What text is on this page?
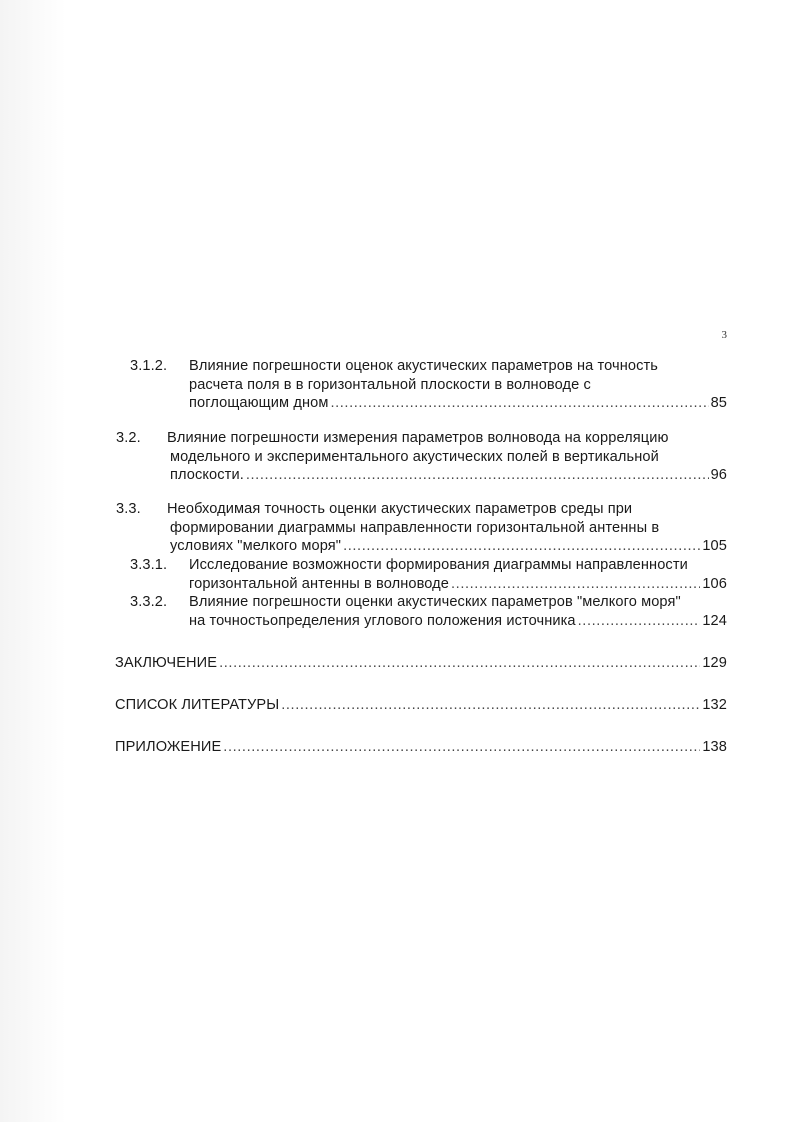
3
3.1.2. Влияние погрешности оценок акустических параметров на точность
расчета поля в в горизонтальной плоскости в волноводе с
поглощающим дном .....	85
3.2. Влияние погрешности измерения параметров волновода на корреляцию
модельного и экспериментального акустических полей в вертикальной
плоскости. .....	96
3.3. Необходимая точность оценки акустических параметров среды при
формировании диаграммы направленности горизонтальной антенны в
условиях "мелкого моря" .....	105
3.3.1. Исследование возможности формирования диаграммы направленности
горизонтальной антенны в волноводе .....	106
3.3.2. Влияние погрешности оценки акустических параметров "мелкого моря"
на точностьопределения углового положения источника .....	124
ЗАКЛЮЧЕНИЕ .....	129
СПИСОК ЛИТЕРАТУРЫ .....	132
ПРИЛОЖЕНИЕ .....	138
